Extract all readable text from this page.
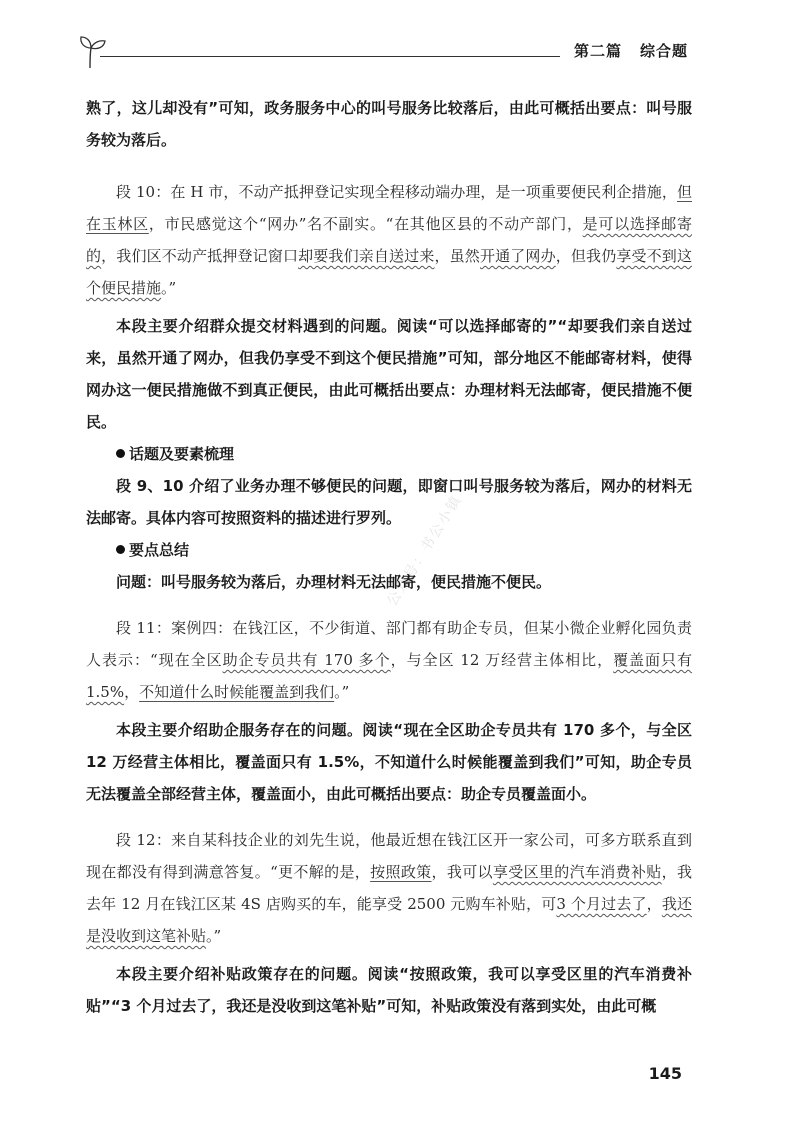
第二篇 综合题
公众号：书公小镇

熟了，这儿却没有”可知，政务服务中心的叫号服务比较落后，由此可概括出要点：叫号服务较为落后。

段 10：在 H 市，不动产抵押登记实现全程移动端办理，是一项重要便民利企措施，但在玉林区，市民感觉这个“网办”名不副实。“在其他区县的不动产部门，是可以选择邮寄的，我们区不动产抵押登记窗口却要我们亲自送过来，虽然开通了网办，但我仍享受不到这个便民措施。”

本段主要介绍群众提交材料遇到的问题。阅读“可以选择邮寄的”“却要我们亲自送过来，虽然开通了网办，但我仍享受不到这个便民措施”可知，部分地区不能邮寄材料，使得网办这一便民措施做不到真正便民，由此可概括出要点：办理材料无法邮寄，便民措施不便民。

话题及要素梳理

段 9、10 介绍了业务办理不够便民的问题，即窗口叫号服务较为落后，网办的材料无法邮寄。具体内容可按照资料的描述进行罗列。

要点总结

问题：叫号服务较为落后，办理材料无法邮寄，便民措施不便民。

段 11：案例四：在钱江区，不少街道、部门都有助企专员，但某小微企业孵化园负责人表示：“现在全区助企专员共有 170 多个，与全区 12 万经营主体相比，覆盖面只有 1.5%，不知道什么时候能覆盖到我们。”

本段主要介绍助企服务存在的问题。阅读“现在全区助企专员共有 170 多个，与全区 12 万经营主体相比，覆盖面只有 1.5%，不知道什么时候能覆盖到我们”可知，助企专员无法覆盖全部经营主体，覆盖面小，由此可概括出要点：助企专员覆盖面小。

段 12：来自某科技企业的刘先生说，他最近想在钱江区开一家公司，可多方联系直到现在都没有得到满意答复。“更不解的是，按照政策，我可以享受区里的汽车消费补贴，我去年 12 月在钱江区某 4S 店购买的车，能享受 2500 元购车补贴，可3 个月过去了，我还是没收到这笔补贴。”

本段主要介绍补贴政策存在的问题。阅读“按照政策，我可以享受区里的汽车消费补贴”“3 个月过去了，我还是没收到这笔补贴”可知，补贴政策没有落到实处，由此可概

145
